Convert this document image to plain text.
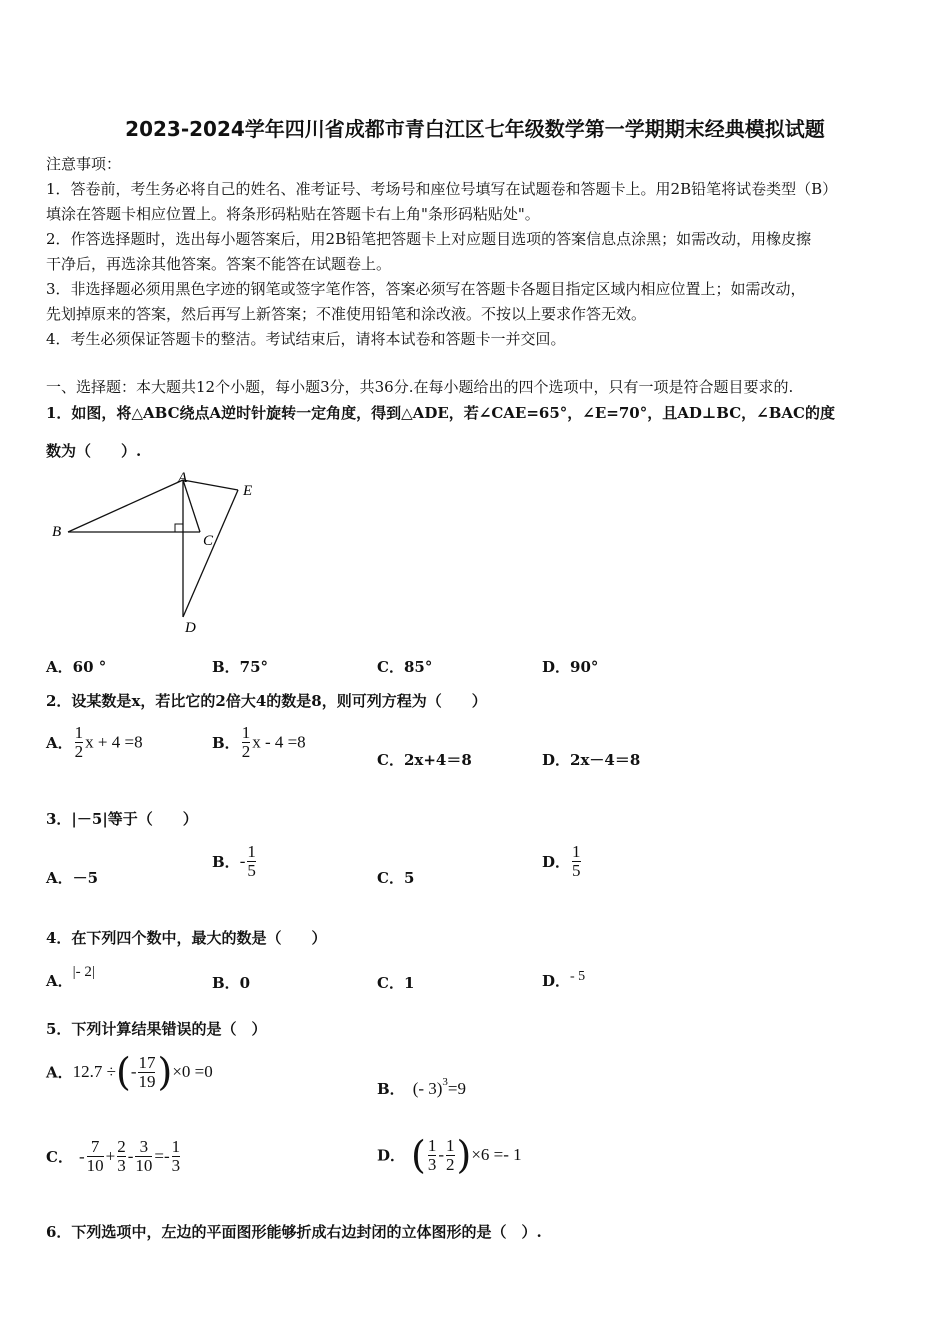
2023-2024学年四川省成都市青白江区七年级数学第一学期期末经典模拟试题
注意事项：
1．答卷前，考生务必将自己的姓名、准考证号、考场号和座位号填写在试题卷和答题卡上。用2B铅笔将试卷类型（B）
填涂在答题卡相应位置上。将条形码粘贴在答题卡右上角"条形码粘贴处"。
2．作答选择题时，选出每小题答案后，用2B铅笔把答题卡上对应题目选项的答案信息点涂黑；如需改动，用橡皮擦
干净后，再选涂其他答案。答案不能答在试题卷上。
3．非选择题必须用黑色字迹的钢笔或签字笔作答，答案必须写在答题卡各题目指定区域内相应位置上；如需改动，
先划掉原来的答案，然后再写上新答案；不准使用铅笔和涂改液。不按以上要求作答无效。
4．考生必须保证答题卡的整洁。考试结束后，请将本试卷和答题卡一并交回。
一、选择题：本大题共12个小题，每小题3分，共36分.在每小题给出的四个选项中，只有一项是符合题目要求的.
1．如图，将△ABC绕点A逆时针旋转一定角度，得到△ADE，若∠CAE=65°，∠E=70°，且AD⊥BC，∠BAC的度
数为（　　）.
A
B
C
D
E
A．60 °	B．75°	C．85°	D．90°
2．设某数是x，若比它的2倍大4的数是8，则可列方程为（　　）
A． $\frac{1}{2}$ x + 4 =8	B． $\frac{1}{2}$ x - 4 =8
C．2x+4＝8	D．2x－4＝8
3．|－5|等于（　　）
A．－5
B．- $\frac{1}{5}$	C．5
D． $\frac{1}{5}$
4．在下列四个数中，最大的数是（　　）
A．|- 2|
B．0	C．1	D．- 5
5．下列计算结果错误的是（　）
A．12.7 ÷(- $\frac{17}{19} )\times 0 =0$
B． (- 3)$^3$=9
C． - $\frac{7}{10} + \frac{2}{3} - \frac{3}{10} =- \frac{1}{3}$	D． ( $\frac{1}{3} - \frac{1}{2} )\times 6 =- 1$
6．下列选项中，左边的平面图形能够折成右边封闭的立体图形的是（　）.
